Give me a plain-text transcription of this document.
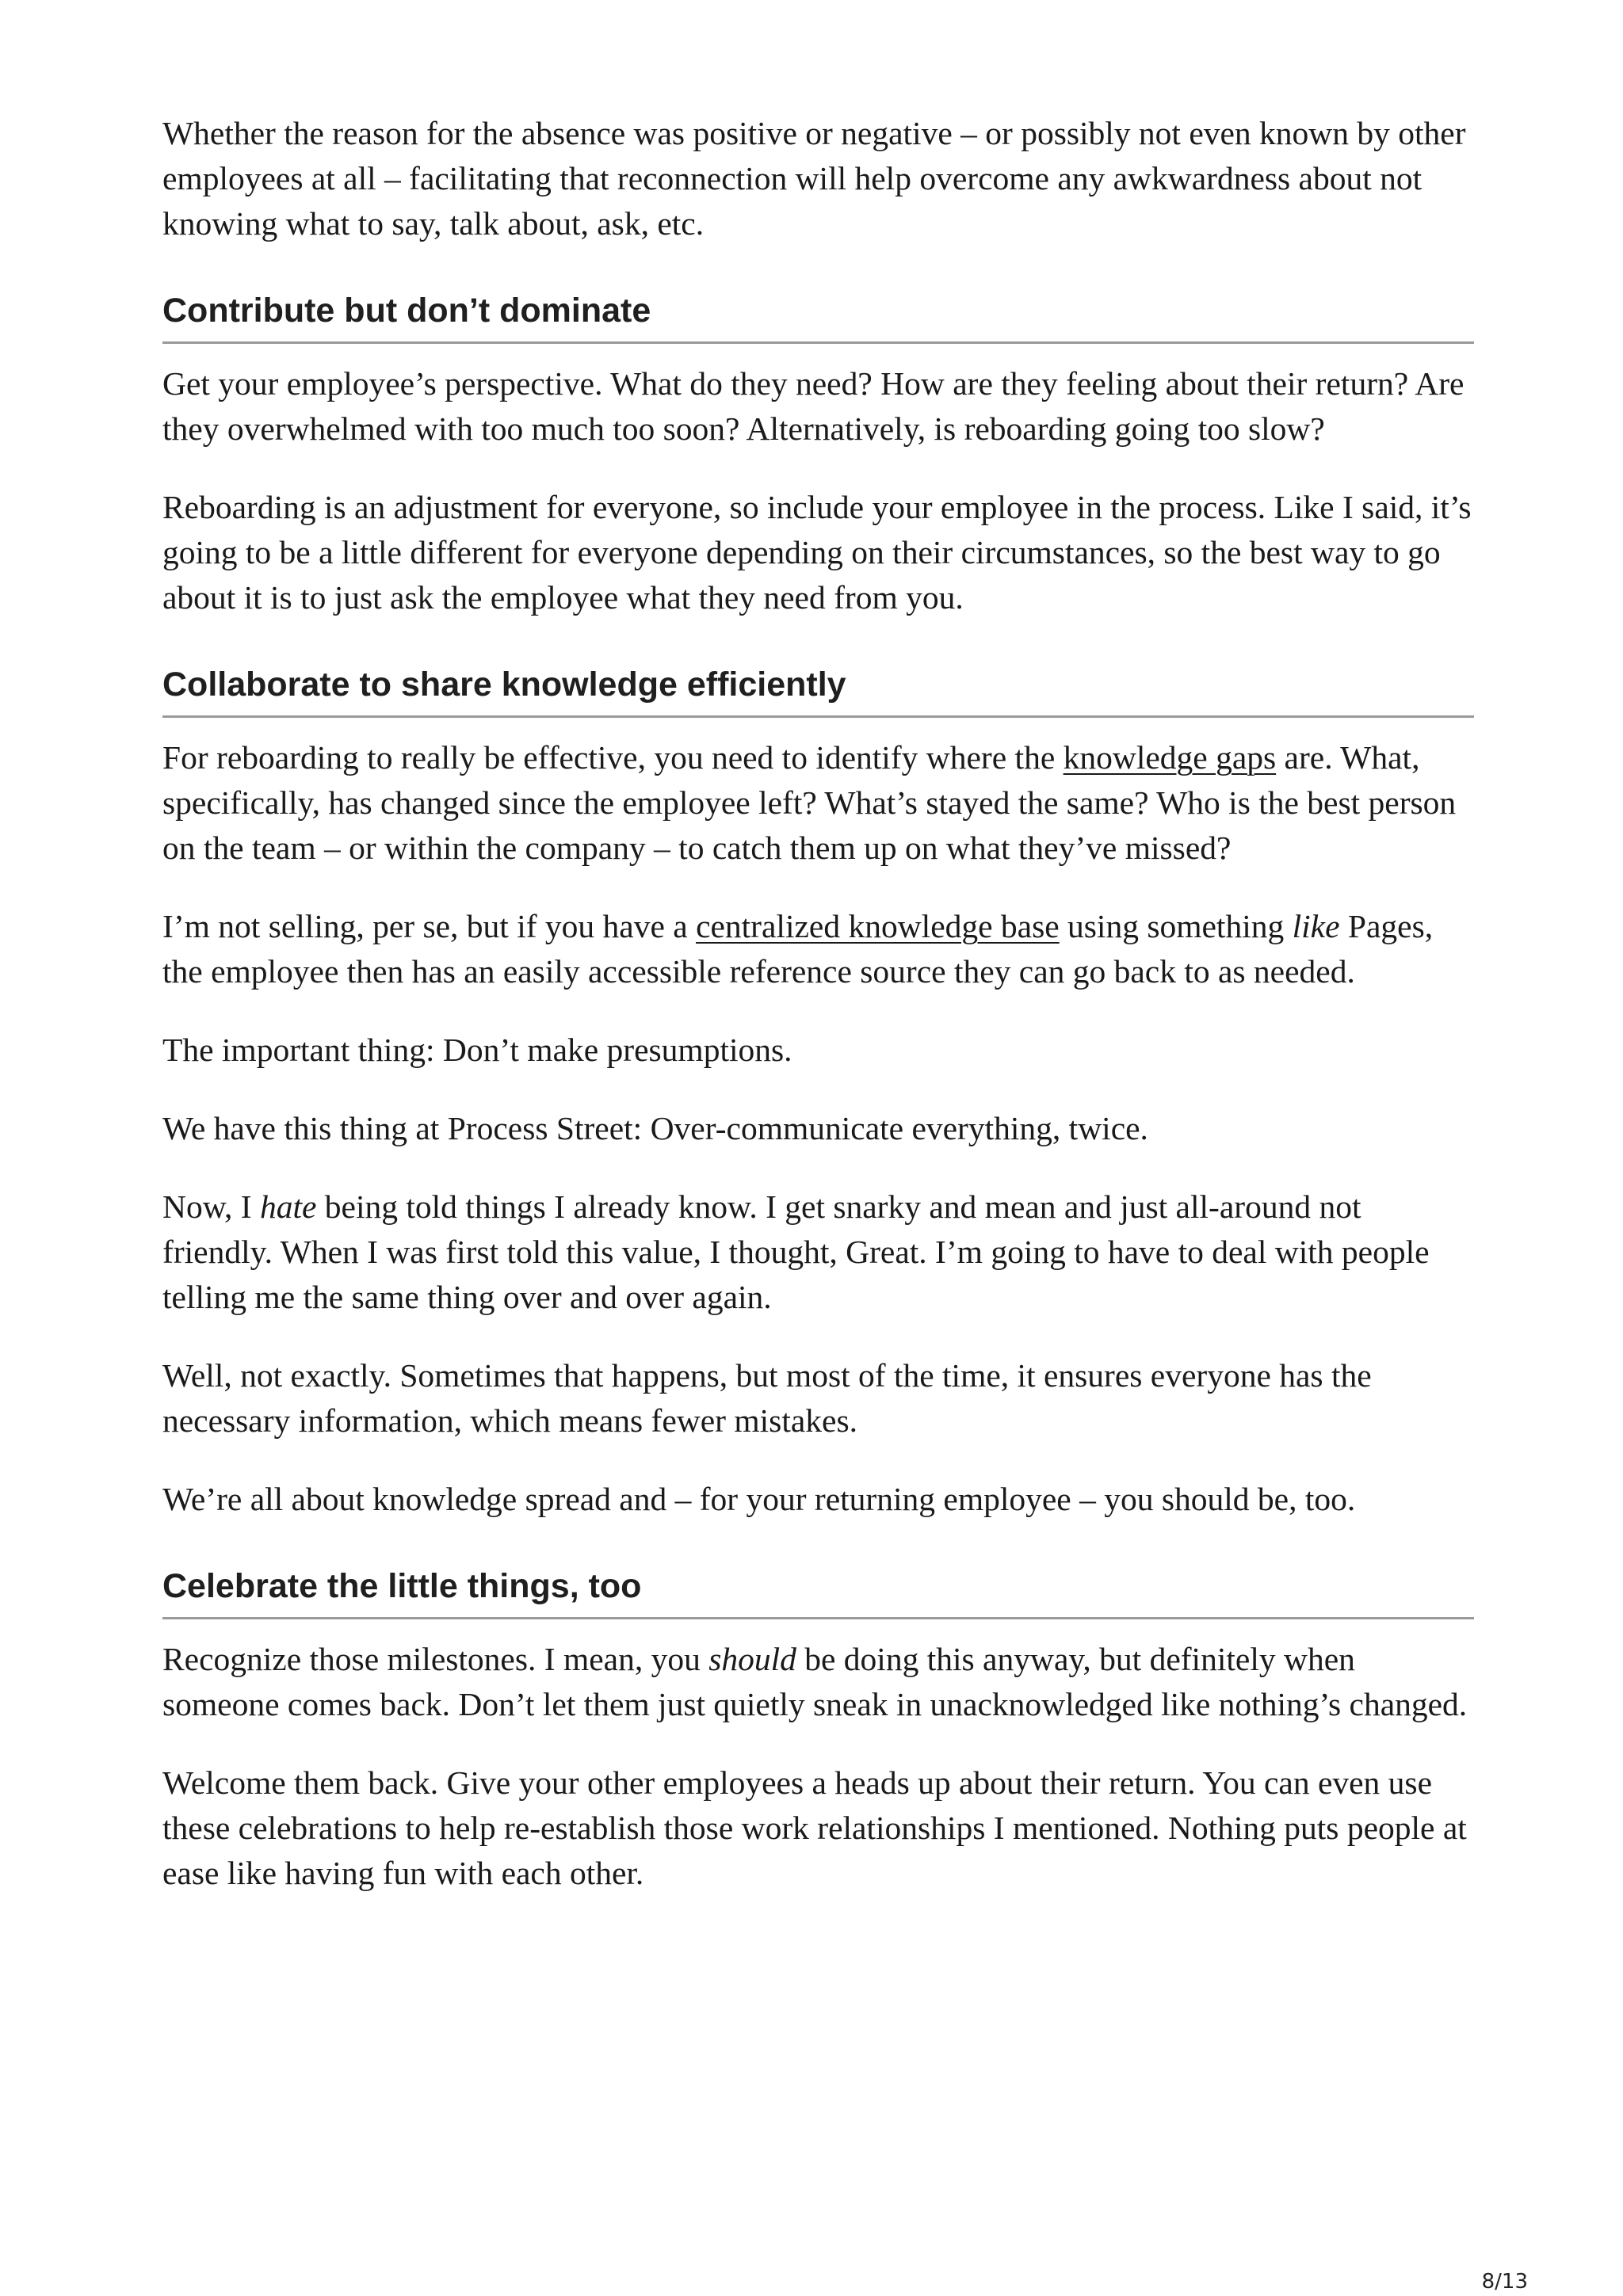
Whether the reason for the absence was positive or negative – or possibly not even known by other employees at all – facilitating that reconnection will help overcome any awkwardness about not knowing what to say, talk about, ask, etc.

Contribute but don’t dominate

Get your employee’s perspective. What do they need? How are they feeling about their return? Are they overwhelmed with too much too soon? Alternatively, is reboarding going too slow?

Reboarding is an adjustment for everyone, so include your employee in the process. Like I said, it’s going to be a little different for everyone depending on their circumstances, so the best way to go about it is to just ask the employee what they need from you.

Collaborate to share knowledge efficiently

For reboarding to really be effective, you need to identify where the knowledge gaps are. What, specifically, has changed since the employee left? What’s stayed the same? Who is the best person on the team – or within the company – to catch them up on what they’ve missed?

I’m not selling, per se, but if you have a centralized knowledge base using something like Pages, the employee then has an easily accessible reference source they can go back to as needed.

The important thing: Don’t make presumptions.

We have this thing at Process Street: Over-communicate everything, twice.

Now, I hate being told things I already know. I get snarky and mean and just all-around not friendly. When I was first told this value, I thought, Great. I’m going to have to deal with people telling me the same thing over and over again.

Well, not exactly. Sometimes that happens, but most of the time, it ensures everyone has the necessary information, which means fewer mistakes.

We’re all about knowledge spread and – for your returning employee – you should be, too.

Celebrate the little things, too

Recognize those milestones. I mean, you should be doing this anyway, but definitely when someone comes back. Don’t let them just quietly sneak in unacknowledged like nothing’s changed.

Welcome them back. Give your other employees a heads up about their return. You can even use these celebrations to help re-establish those work relationships I mentioned. Nothing puts people at ease like having fun with each other.

8/13
